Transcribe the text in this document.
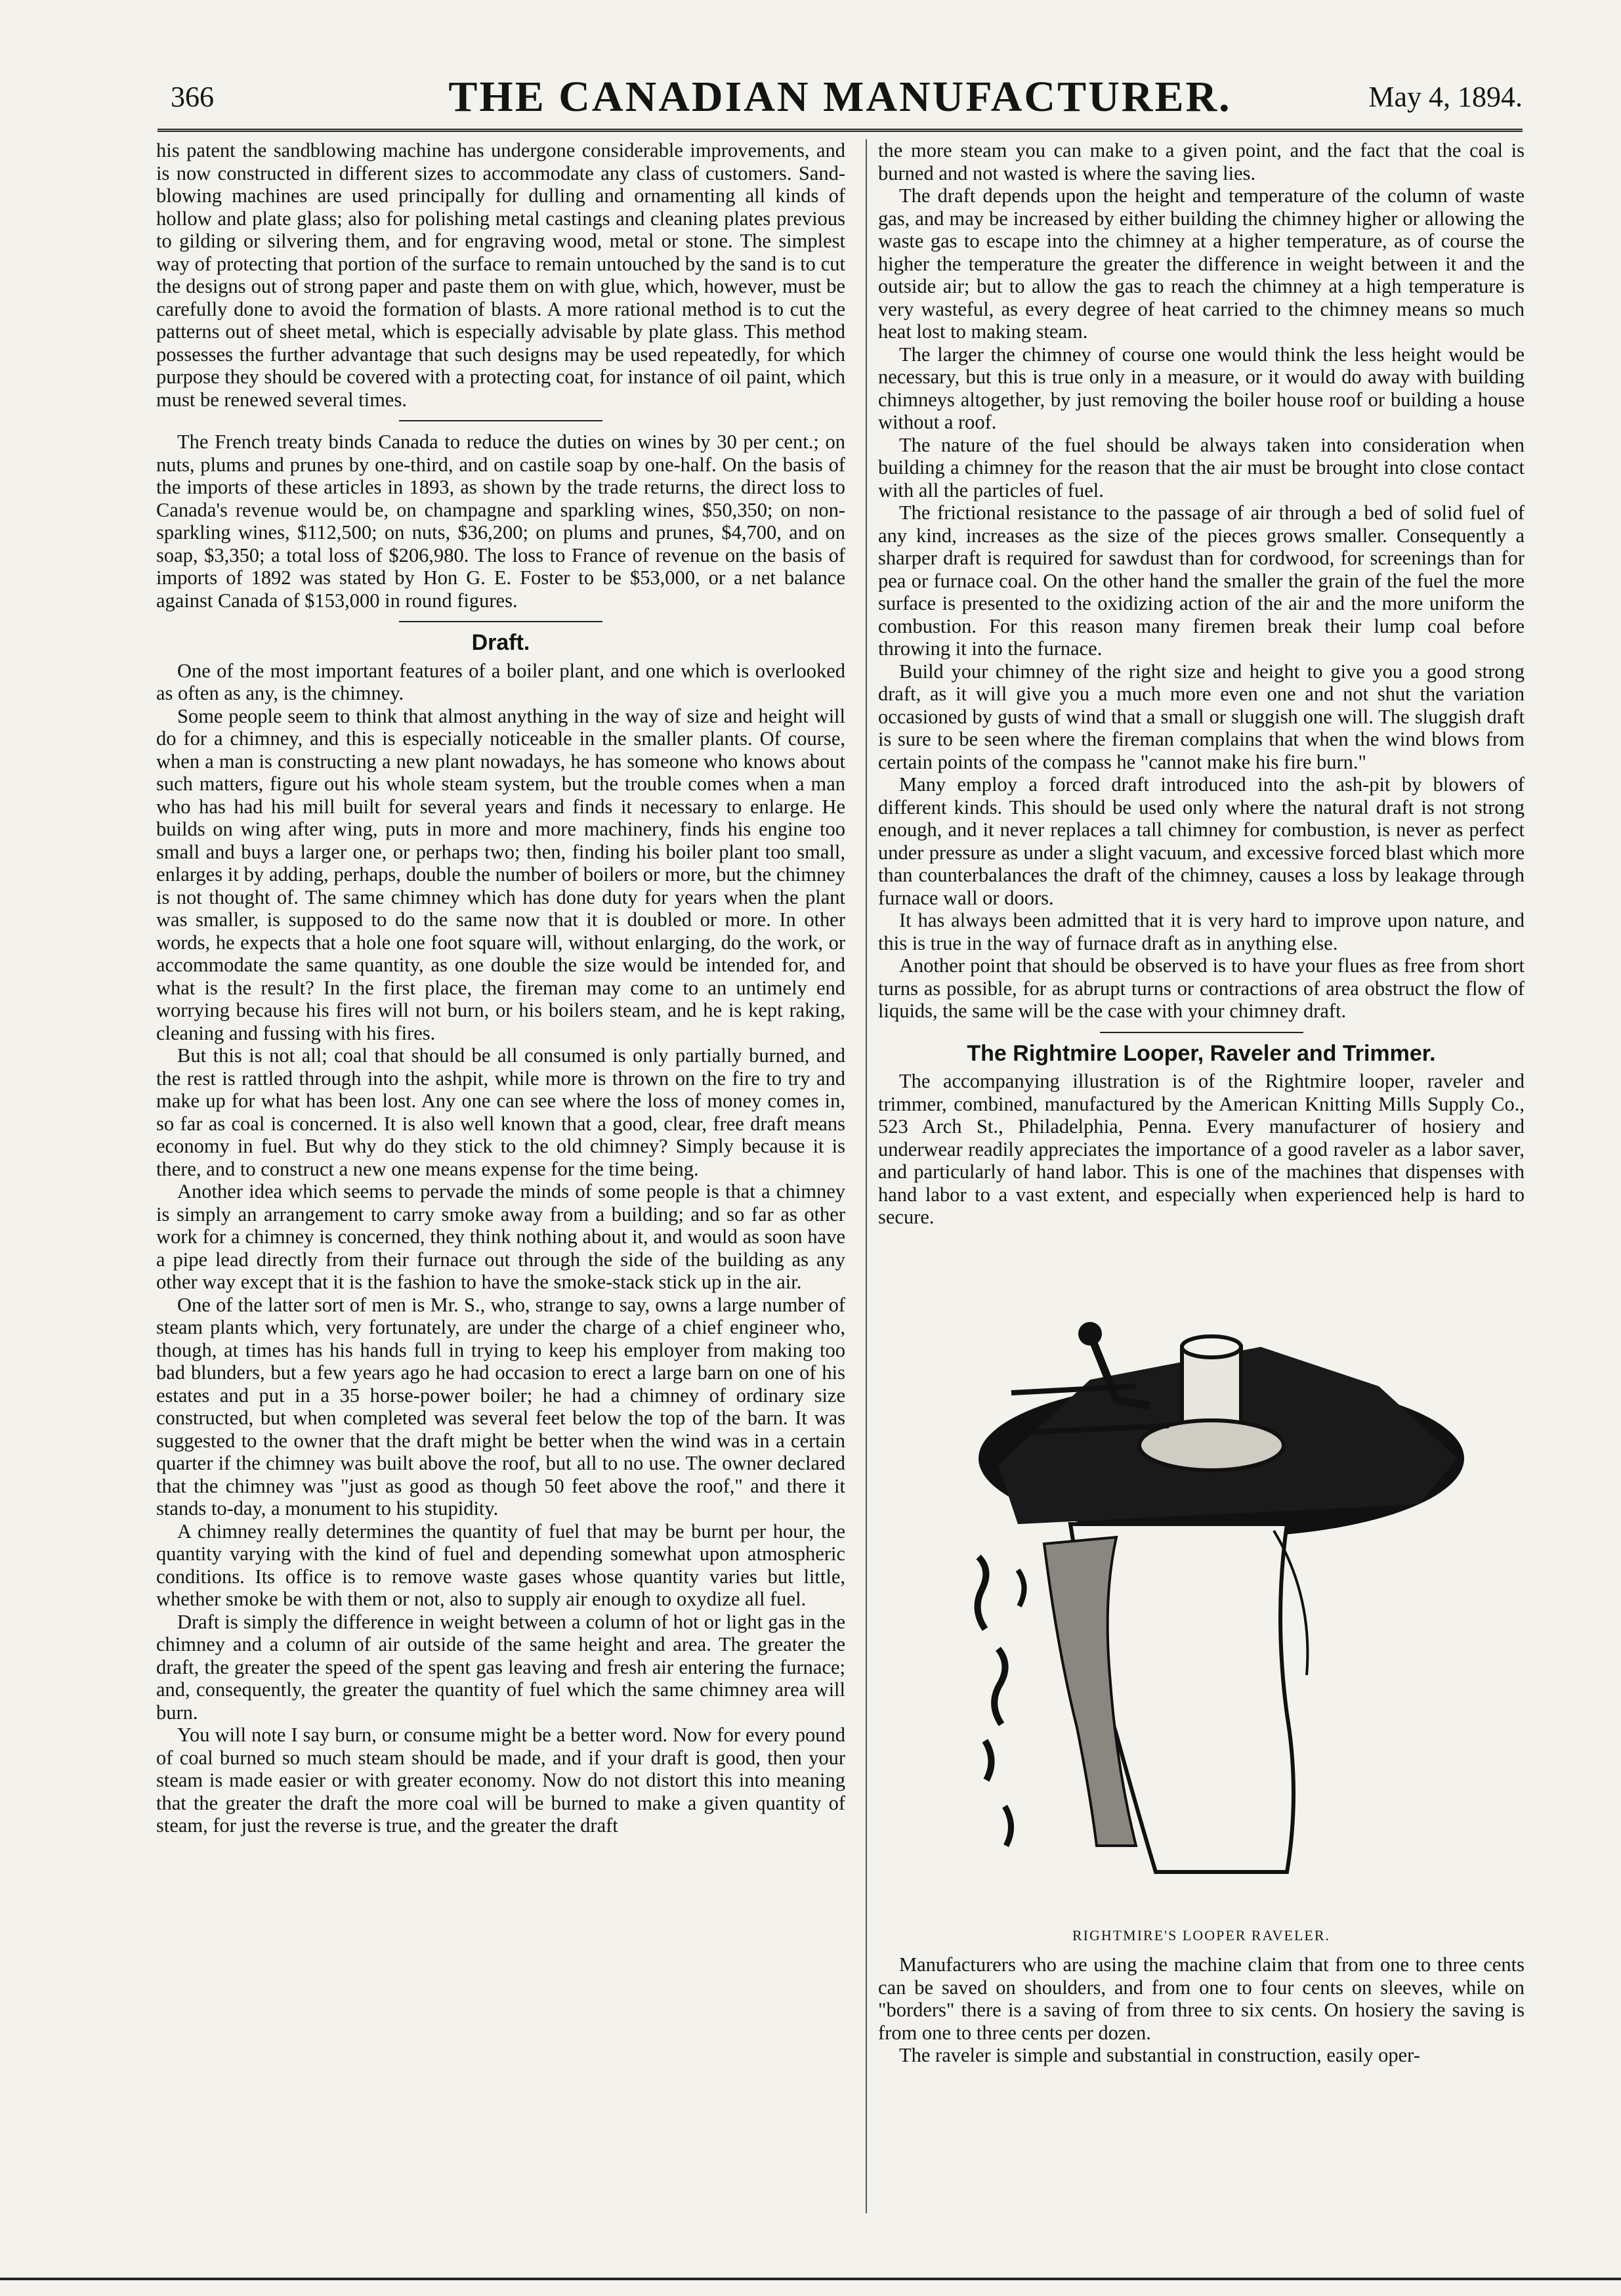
366	THE CANADIAN MANUFACTURER.	May 4, 1894.

his patent the sandblowing machine has undergone considerable improvements, and is now constructed in different sizes to accommodate any class of customers. Sand-blowing machines are used principally for dulling and ornamenting all kinds of hollow and plate glass; also for polishing metal castings and cleaning plates previous to gilding or silvering them, and for engraving wood, metal or stone. The simplest way of protecting that portion of the surface to remain untouched by the sand is to cut the designs out of strong paper and paste them on with glue, which, however, must be carefully done to avoid the formation of blasts. A more rational method is to cut the patterns out of sheet metal, which is especially advisable by plate glass. This method possesses the further advantage that such designs may be used repeatedly, for which purpose they should be covered with a protecting coat, for instance of oil paint, which must be renewed several times.

The French treaty binds Canada to reduce the duties on wines by 30 per cent.; on nuts, plums and prunes by one-third, and on castile soap by one-half. On the basis of the imports of these articles in 1893, as shown by the trade returns, the direct loss to Canada's revenue would be, on champagne and sparkling wines, $50,350; on non-sparkling wines, $112,500; on nuts, $36,200; on plums and prunes, $4,700, and on soap, $3,350; a total loss of $206,980. The loss to France of revenue on the basis of imports of 1892 was stated by Hon G. E. Foster to be $53,000, or a net balance against Canada of $153,000 in round figures.

Draft.

One of the most important features of a boiler plant, and one which is overlooked as often as any, is the chimney.

Some people seem to think that almost anything in the way of size and height will do for a chimney, and this is especially noticeable in the smaller plants. Of course, when a man is constructing a new plant nowadays, he has someone who knows about such matters, figure out his whole steam system, but the trouble comes when a man who has had his mill built for several years and finds it necessary to enlarge. He builds on wing after wing, puts in more and more machinery, finds his engine too small and buys a larger one, or perhaps two; then, finding his boiler plant too small, enlarges it by adding, perhaps, double the number of boilers or more, but the chimney is not thought of. The same chimney which has done duty for years when the plant was smaller, is supposed to do the same now that it is doubled or more. In other words, he expects that a hole one foot square will, without enlarging, do the work, or accommodate the same quantity, as one double the size would be intended for, and what is the result? In the first place, the fireman may come to an untimely end worrying because his fires will not burn, or his boilers steam, and he is kept raking, cleaning and fussing with his fires.

But this is not all; coal that should be all consumed is only partially burned, and the rest is rattled through into the ashpit, while more is thrown on the fire to try and make up for what has been lost. Any one can see where the loss of money comes in, so far as coal is concerned. It is also well known that a good, clear, free draft means economy in fuel. But why do they stick to the old chimney? Simply because it is there, and to construct a new one means expense for the time being.

Another idea which seems to pervade the minds of some people is that a chimney is simply an arrangement to carry smoke away from a building; and so far as other work for a chimney is concerned, they think nothing about it, and would as soon have a pipe lead directly from their furnace out through the side of the building as any other way except that it is the fashion to have the smoke-stack stick up in the air.

One of the latter sort of men is Mr. S., who, strange to say, owns a large number of steam plants which, very fortunately, are under the charge of a chief engineer who, though, at times has his hands full in trying to keep his employer from making too bad blunders, but a few years ago he had occasion to erect a large barn on one of his estates and put in a 35 horse-power boiler; he had a chimney of ordinary size constructed, but when completed was several feet below the top of the barn. It was suggested to the owner that the draft might be better when the wind was in a certain quarter if the chimney was built above the roof, but all to no use. The owner declared that the chimney was "just as good as though 50 feet above the roof," and there it stands to-day, a monument to his stupidity.

A chimney really determines the quantity of fuel that may be burnt per hour, the quantity varying with the kind of fuel and depending somewhat upon atmospheric conditions. Its office is to remove waste gases whose quantity varies but little, whether smoke be with them or not, also to supply air enough to oxydize all fuel.

Draft is simply the difference in weight between a column of hot or light gas in the chimney and a column of air outside of the same height and area. The greater the draft, the greater the speed of the spent gas leaving and fresh air entering the furnace; and, consequently, the greater the quantity of fuel which the same chimney area will burn.

You will note I say burn, or consume might be a better word. Now for every pound of coal burned so much steam should be made, and if your draft is good, then your steam is made easier or with greater economy. Now do not distort this into meaning that the greater the draft the more coal will be burned to make a given quantity of steam, for just the reverse is true, and the greater the draft

the more steam you can make to a given point, and the fact that the coal is burned and not wasted is where the saving lies.

The draft depends upon the height and temperature of the column of waste gas, and may be increased by either building the chimney higher or allowing the waste gas to escape into the chimney at a higher temperature, as of course the higher the temperature the greater the difference in weight between it and the outside air; but to allow the gas to reach the chimney at a high temperature is very wasteful, as every degree of heat carried to the chimney means so much heat lost to making steam.

The larger the chimney of course one would think the less height would be necessary, but this is true only in a measure, or it would do away with building chimneys altogether, by just removing the boiler house roof or building a house without a roof.

The nature of the fuel should be always taken into consideration when building a chimney for the reason that the air must be brought into close contact with all the particles of fuel.

The frictional resistance to the passage of air through a bed of solid fuel of any kind, increases as the size of the pieces grows smaller. Consequently a sharper draft is required for sawdust than for cordwood, for screenings than for pea or furnace coal. On the other hand the smaller the grain of the fuel the more surface is presented to the oxidizing action of the air and the more uniform the combustion. For this reason many firemen break their lump coal before throwing it into the furnace.

Build your chimney of the right size and height to give you a good strong draft, as it will give you a much more even one and not shut the variation occasioned by gusts of wind that a small or sluggish one will. The sluggish draft is sure to be seen where the fireman complains that when the wind blows from certain points of the compass he "cannot make his fire burn."

Many employ a forced draft introduced into the ash-pit by blowers of different kinds. This should be used only where the natural draft is not strong enough, and it never replaces a tall chimney for combustion, is never as perfect under pressure as under a slight vacuum, and excessive forced blast which more than counterbalances the draft of the chimney, causes a loss by leakage through furnace wall or doors.

It has always been admitted that it is very hard to improve upon nature, and this is true in the way of furnace draft as in anything else.

Another point that should be observed is to have your flues as free from short turns as possible, for as abrupt turns or contractions of area obstruct the flow of liquids, the same will be the case with your chimney draft.

The Rightmire Looper, Raveler and Trimmer.

The accompanying illustration is of the Rightmire looper, raveler and trimmer, combined, manufactured by the American Knitting Mills Supply Co., 523 Arch St., Philadelphia, Penna. Every manufacturer of hosiery and underwear readily appreciates the importance of a good raveler as a labor saver, and particularly of hand labor. This is one of the machines that dispenses with hand labor to a vast extent, and especially when experienced help is hard to secure.

RIGHTMIRE'S LOOPER RAVELER.

Manufacturers who are using the machine claim that from one to three cents can be saved on shoulders, and from one to four cents on sleeves, while on "borders" there is a saving of from three to six cents. On hosiery the saving is from one to three cents per dozen.

The raveler is simple and substantial in construction, easily oper-
